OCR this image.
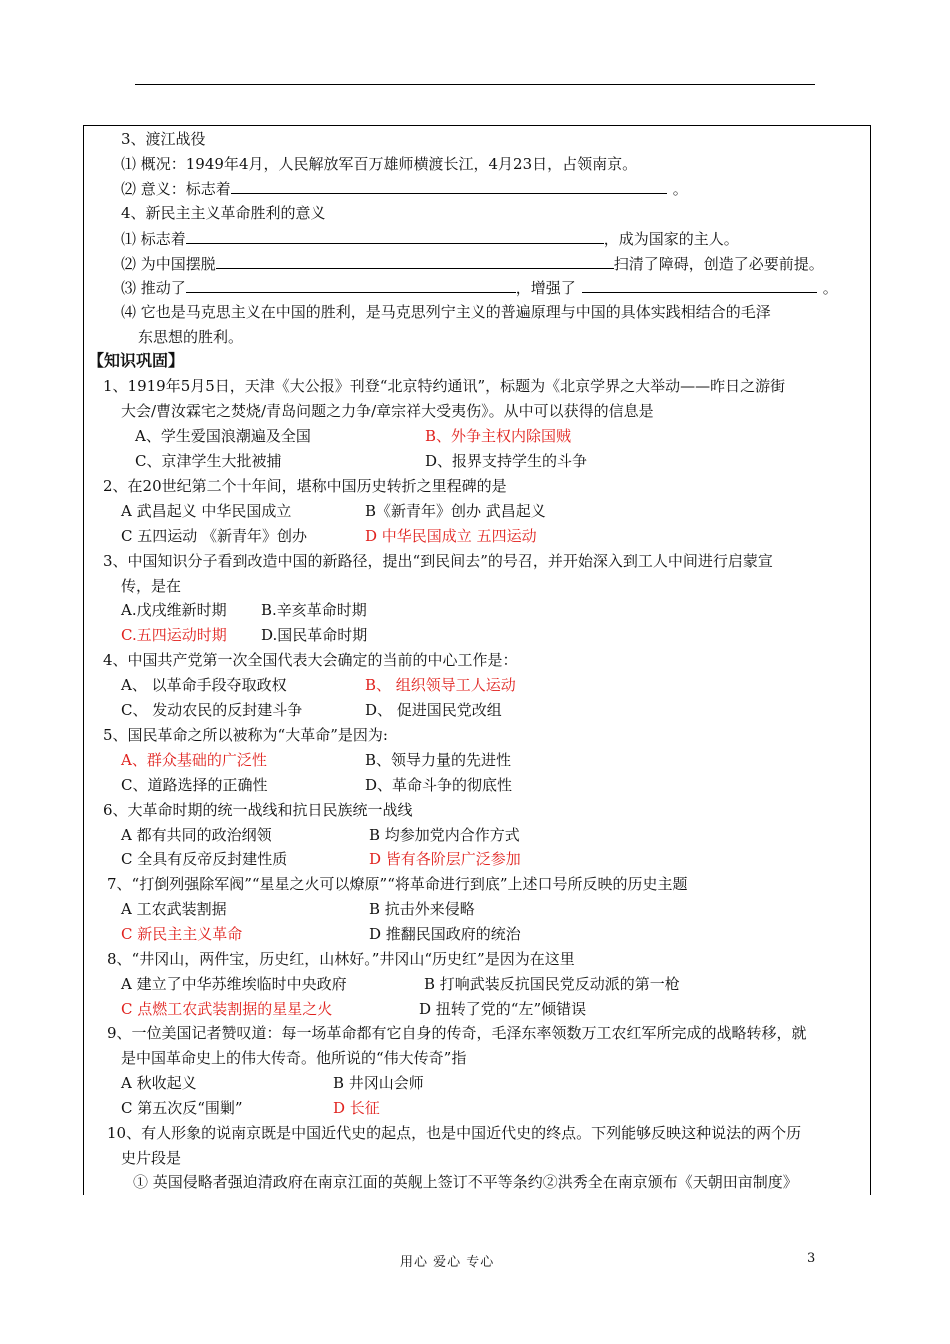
3、渡江战役
⑴ 概况：1949年4月，人民解放军百万雄师横渡长江，4月23日，占领南京。
⑵ 意义：标志着	。
4、新民主主义革命胜利的意义
⑴ 标志着	，成为国家的主人。
⑵ 为中国摆脱	扫清了障碍，创造了必要前提。
⑶ 推动了	，增强了	。
⑷ 它也是马克思主义在中国的胜利，是马克思列宁主义的普遍原理与中国的具体实践相结合的毛泽
东思想的胜利。
【知识巩固】
1、1919年5月5日，天津《大公报》刊登“北京特约通讯”，标题为《北京学界之大举动——昨日之游街
大会/曹汝霖宅之焚烧/青岛问题之力争/章宗祥大受夷伤》。从中可以获得的信息是
A、学生爱国浪潮遍及全国	B、外争主权内除国贼
C、京津学生大批被捕	D、报界支持学生的斗争
2、在20世纪第二个十年间，堪称中国历史转折之里程碑的是
A 武昌起义 中华民国成立	B《新青年》创办 武昌起义
C 五四运动 《新青年》创办	D 中华民国成立 五四运动
3、中国知识分子看到改造中国的新路径，提出“到民间去”的号召，并开始深入到工人中间进行启蒙宣
传，是在
A.戊戌维新时期 B.辛亥革命时期
C.五四运动时期 D.国民革命时期
4、中国共产党第一次全国代表大会确定的当前的中心工作是：
A、 以革命手段夺取政权	B、 组织领导工人运动
C、 发动农民的反封建斗争	D、 促进国民党改组
5、国民革命之所以被称为“大革命”是因为:
A、群众基础的广泛性	B、领导力量的先进性
C、道路选择的正确性	D、革命斗争的彻底性
6、大革命时期的统一战线和抗日民族统一战线
A 都有共同的政治纲领	B 均参加党内合作方式
C 全具有反帝反封建性质	D 皆有各阶层广泛参加
7、“打倒列强除军阀”“星星之火可以燎原”“将革命进行到底”上述口号所反映的历史主题
A 工农武装割据	B 抗击外来侵略
C 新民主主义革命	D 推翻民国政府的统治
8、“井冈山，两件宝，历史红，山林好。”井冈山“历史红”是因为在这里
A 建立了中华苏维埃临时中央政府	B 打响武装反抗国民党反动派的第一枪
C 点燃工农武装割据的星星之火	D 扭转了党的“左”倾错误
9、一位美国记者赞叹道：每一场革命都有它自身的传奇，毛泽东率领数万工农红军所完成的战略转移，就
是中国革命史上的伟大传奇。他所说的“伟大传奇”指
A 秋收起义	B 井冈山会师
C 第五次反“围剿”	D 长征
10、有人形象的说南京既是中国近代史的起点，也是中国近代史的终点。下列能够反映这种说法的两个历
史片段是
① 英国侵略者强迫清政府在南京江面的英舰上签订不平等条约②洪秀全在南京颁布《天朝田亩制度》
用心 爱心 专心	3
